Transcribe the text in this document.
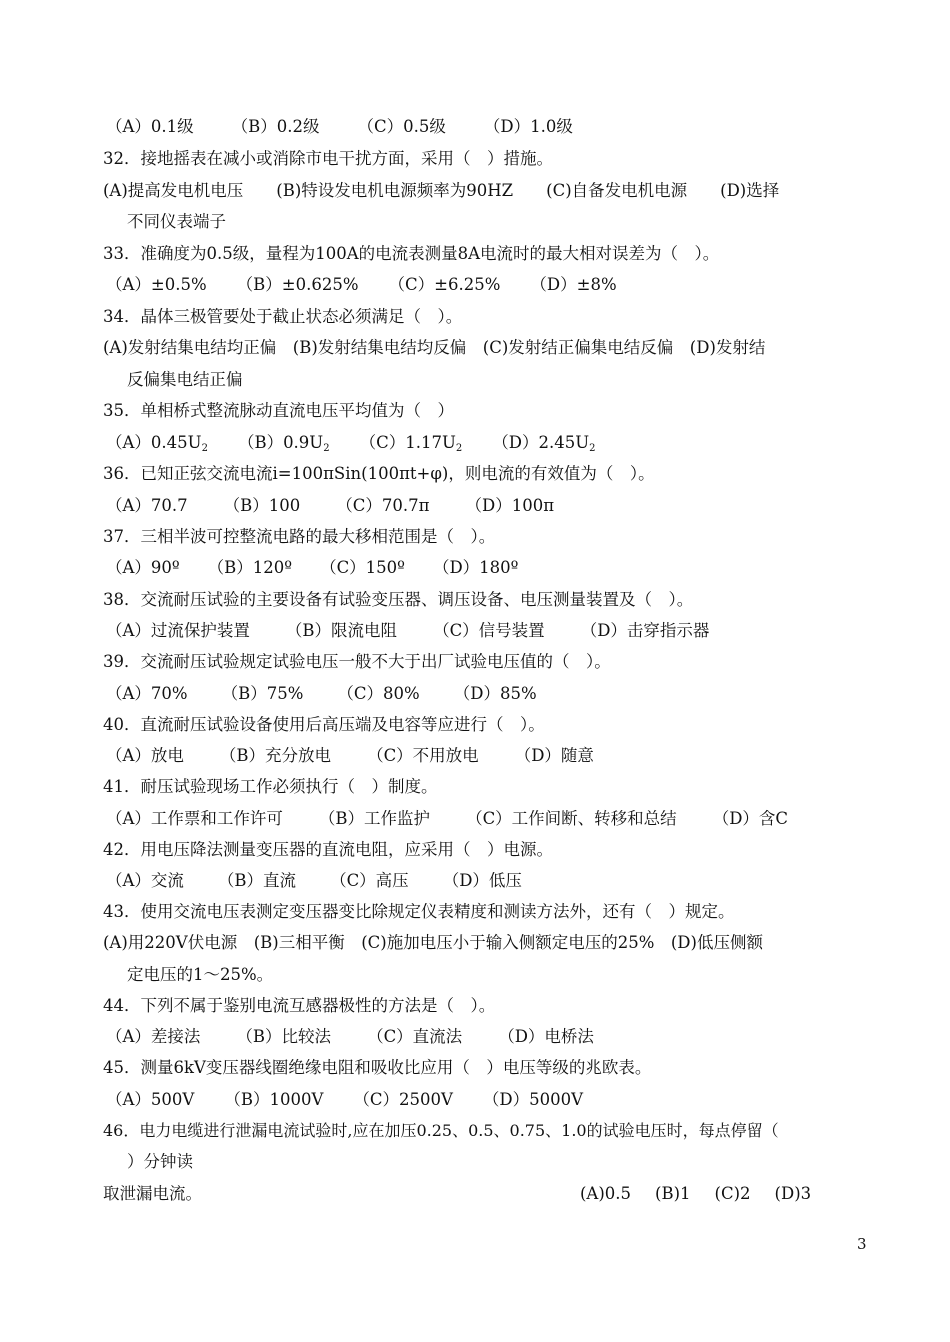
（A）0.1级 （B）0.2级 （C）0.5级 （D）1.0级
32．接地摇表在减小或消除市电干扰方面，采用（　）措施。
(A)提高发电机电压　　(B)特设发电机电源频率为90HZ　　(C)自备发电机电源　　(D)选择
不同仪表端子
33．准确度为0.5级，量程为100A的电流表测量8A电流时的最大相对误差为（　）。
（A）±0.5% （B）±0.625% （C）±6.25% （D）±8%
34．晶体三极管要处于截止状态必须满足（　）。
(A)发射结集电结均正偏　(B)发射结集电结均反偏　(C)发射结正偏集电结反偏　(D)发射结
反偏集电结正偏
35．单相桥式整流脉动直流电压平均值为（　）
（A）0.45U2 （B）0.9U2 （C）1.17U2 （D）2.45U2
36．已知正弦交流电流i=100πSin(100πt+φ)，则电流的有效值为（　）。
（A）70.7 （B）100 （C）70.7π （D）100π
37．三相半波可控整流电路的最大移相范围是（　）。
（A）90º （B）120º （C）150º （D）180º
38．交流耐压试验的主要设备有试验变压器、调压设备、电压测量装置及（　）。
（A）过流保护装置 （B）限流电阻 （C）信号装置 （D）击穿指示器
39．交流耐压试验规定试验电压一般不大于出厂试验电压值的（　）。
（A）70% （B）75% （C）80% （D）85%
40．直流耐压试验设备使用后高压端及电容等应进行（　）。
（A）放电 （B）充分放电 （C）不用放电 （D）随意
41．耐压试验现场工作必须执行（　）制度。
（A）工作票和工作许可 （B）工作监护 （C）工作间断、转移和总结 （D）含C
42．用电压降法测量变压器的直流电阻，应采用（　）电源。
（A）交流 （B）直流 （C）高压 （D）低压
43．使用交流电压表测定变压器变比除规定仪表精度和测读方法外，还有（　）规定。
(A)用220V伏电源　(B)三相平衡　(C)施加电压小于输入侧额定电压的25%　(D)低压侧额
定电压的1～25%。
44．下列不属于鉴别电流互感器极性的方法是（　）。
（A）差接法 （B）比较法 （C）直流法 （D）电桥法
45．测量6kV变压器线圈绝缘电阻和吸收比应用（　）电压等级的兆欧表。
（A）500V （B）1000V （C）2500V （D）5000V
46．电力电缆进行泄漏电流试验时,应在加压0.25、0.5、0.75、1.0的试验电压时，每点停留（
）分钟读
取泄漏电流。	(A)0.5 (B)1 (C)2 (D)3
3
